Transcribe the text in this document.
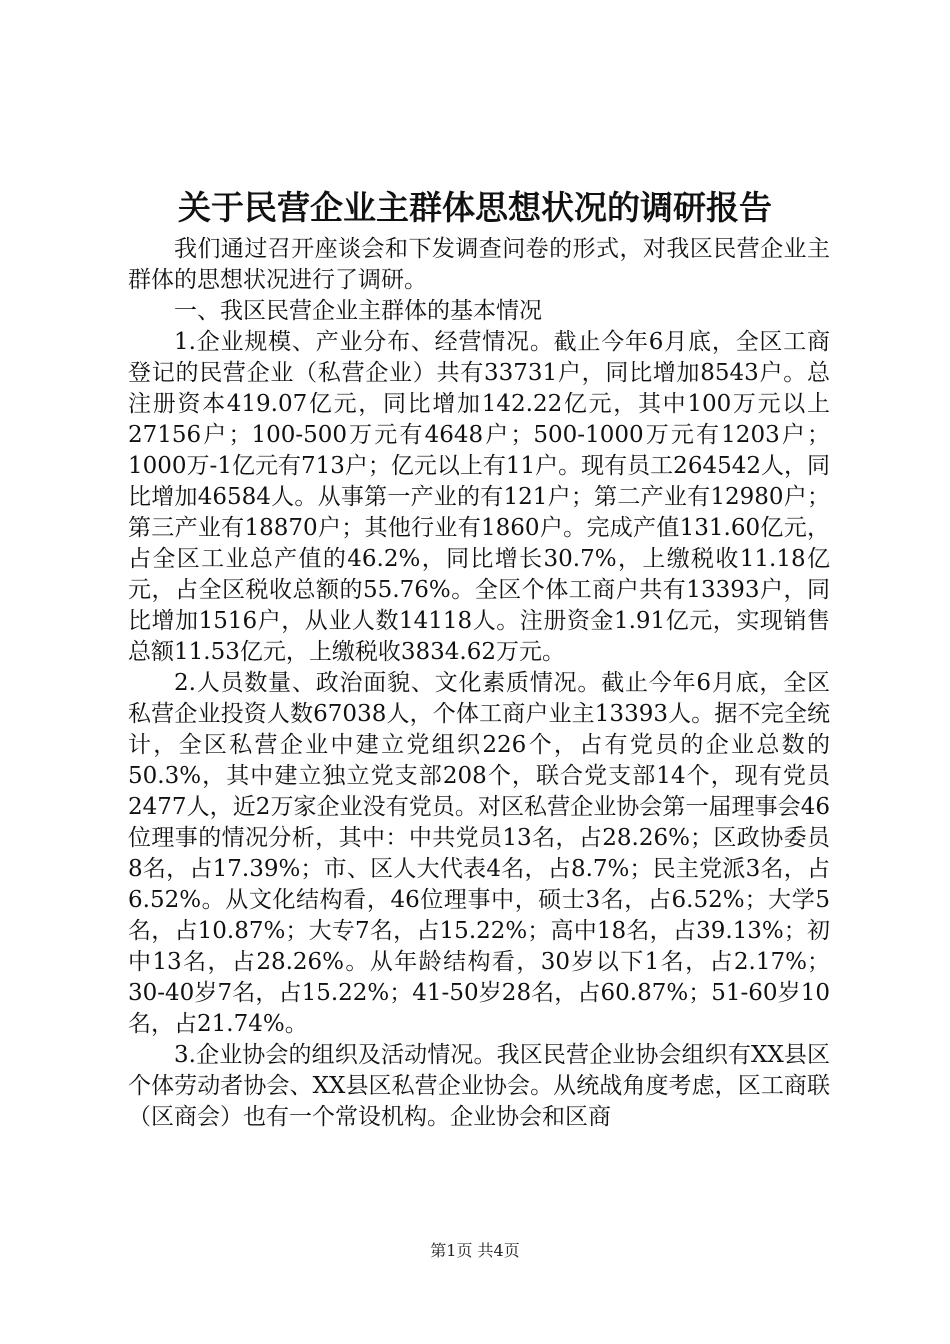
关于民营企业主群体思想状况的调研报告

我们通过召开座谈会和下发调查问卷的形式，对我区民营企业主群体的思想状况进行了调研。

一、我区民营企业主群体的基本情况

1.企业规模、产业分布、经营情况。截止今年6月底，全区工商登记的民营企业（私营企业）共有33731户，同比增加8543户。总注册资本419.07亿元，同比增加142.22亿元，其中100万元以上27156户；100-500万元有4648户；500-1000万元有1203户；1000万-1亿元有713户；亿元以上有11户。现有员工264542人，同比增加46584人。从事第一产业的有121户；第二产业有12980户；第三产业有18870户；其他行业有1860户。完成产值131.60亿元，占全区工业总产值的46.2%，同比增长30.7%，上缴税收11.18亿元，占全区税收总额的55.76%。全区个体工商户共有13393户，同比增加1516户，从业人数14118人。注册资金1.91亿元，实现销售总额11.53亿元，上缴税收3834.62万元。

2.人员数量、政治面貌、文化素质情况。截止今年6月底，全区私营企业投资人数67038人，个体工商户业主13393人。据不完全统计，全区私营企业中建立党组织226个，占有党员的企业总数的50.3%，其中建立独立党支部208个，联合党支部14个，现有党员2477人，近2万家企业没有党员。对区私营企业协会第一届理事会46位理事的情况分析，其中：中共党员13名，占28.26%；区政协委员8名，占17.39%；市、区人大代表4名，占8.7%；民主党派3名，占6.52%。从文化结构看，46位理事中，硕士3名，占6.52%；大学5名，占10.87%；大专7名，占15.22%；高中18名，占39.13%；初中13名，占28.26%。从年龄结构看，30岁以下1名，占2.17%；30-40岁7名，占15.22%；41-50岁28名，占60.87%；51-60岁10名，占21.74%。

3.企业协会的组织及活动情况。我区民营企业协会组织有XX县区个体劳动者协会、XX县区私营企业协会。从统战角度考虑，区工商联（区商会）也有一个常设机构。企业协会和区商

第1页 共4页
